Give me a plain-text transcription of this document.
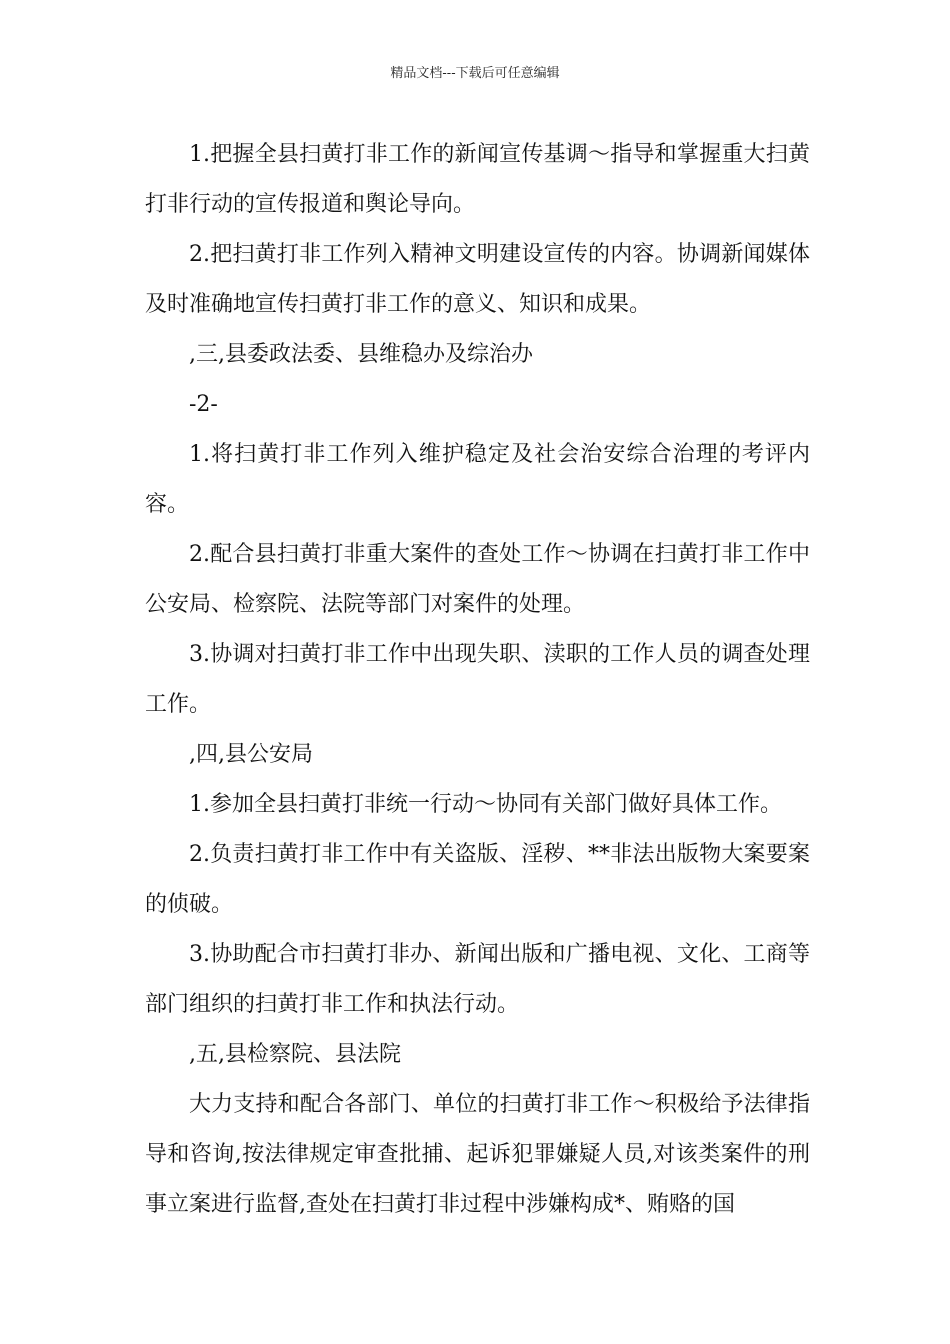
精品文档---下载后可任意编辑

1.把握全县扫黄打非工作的新闻宣传基调～指导和掌握重大扫黄打非行动的宣传报道和舆论导向。

2.把扫黄打非工作列入精神文明建设宣传的内容。协调新闻媒体及时准确地宣传扫黄打非工作的意义、知识和成果。

,三,县委政法委、县维稳办及综治办

-2-

1.将扫黄打非工作列入维护稳定及社会治安综合治理的考评内容。

2.配合县扫黄打非重大案件的查处工作～协调在扫黄打非工作中公安局、检察院、法院等部门对案件的处理。

3.协调对扫黄打非工作中出现失职、渎职的工作人员的调查处理工作。

,四,县公安局

1.参加全县扫黄打非统一行动～协同有关部门做好具体工作。

2.负责扫黄打非工作中有关盗版、淫秽、**非法出版物大案要案的侦破。

3.协助配合市扫黄打非办、新闻出版和广播电视、文化、工商等部门组织的扫黄打非工作和执法行动。

,五,县检察院、县法院

大力支持和配合各部门、单位的扫黄打非工作～积极给予法律指导和咨询,按法律规定审查批捕、起诉犯罪嫌疑人员,对该类案件的刑事立案进行监督,查处在扫黄打非过程中涉嫌构成*、贿赂的国
